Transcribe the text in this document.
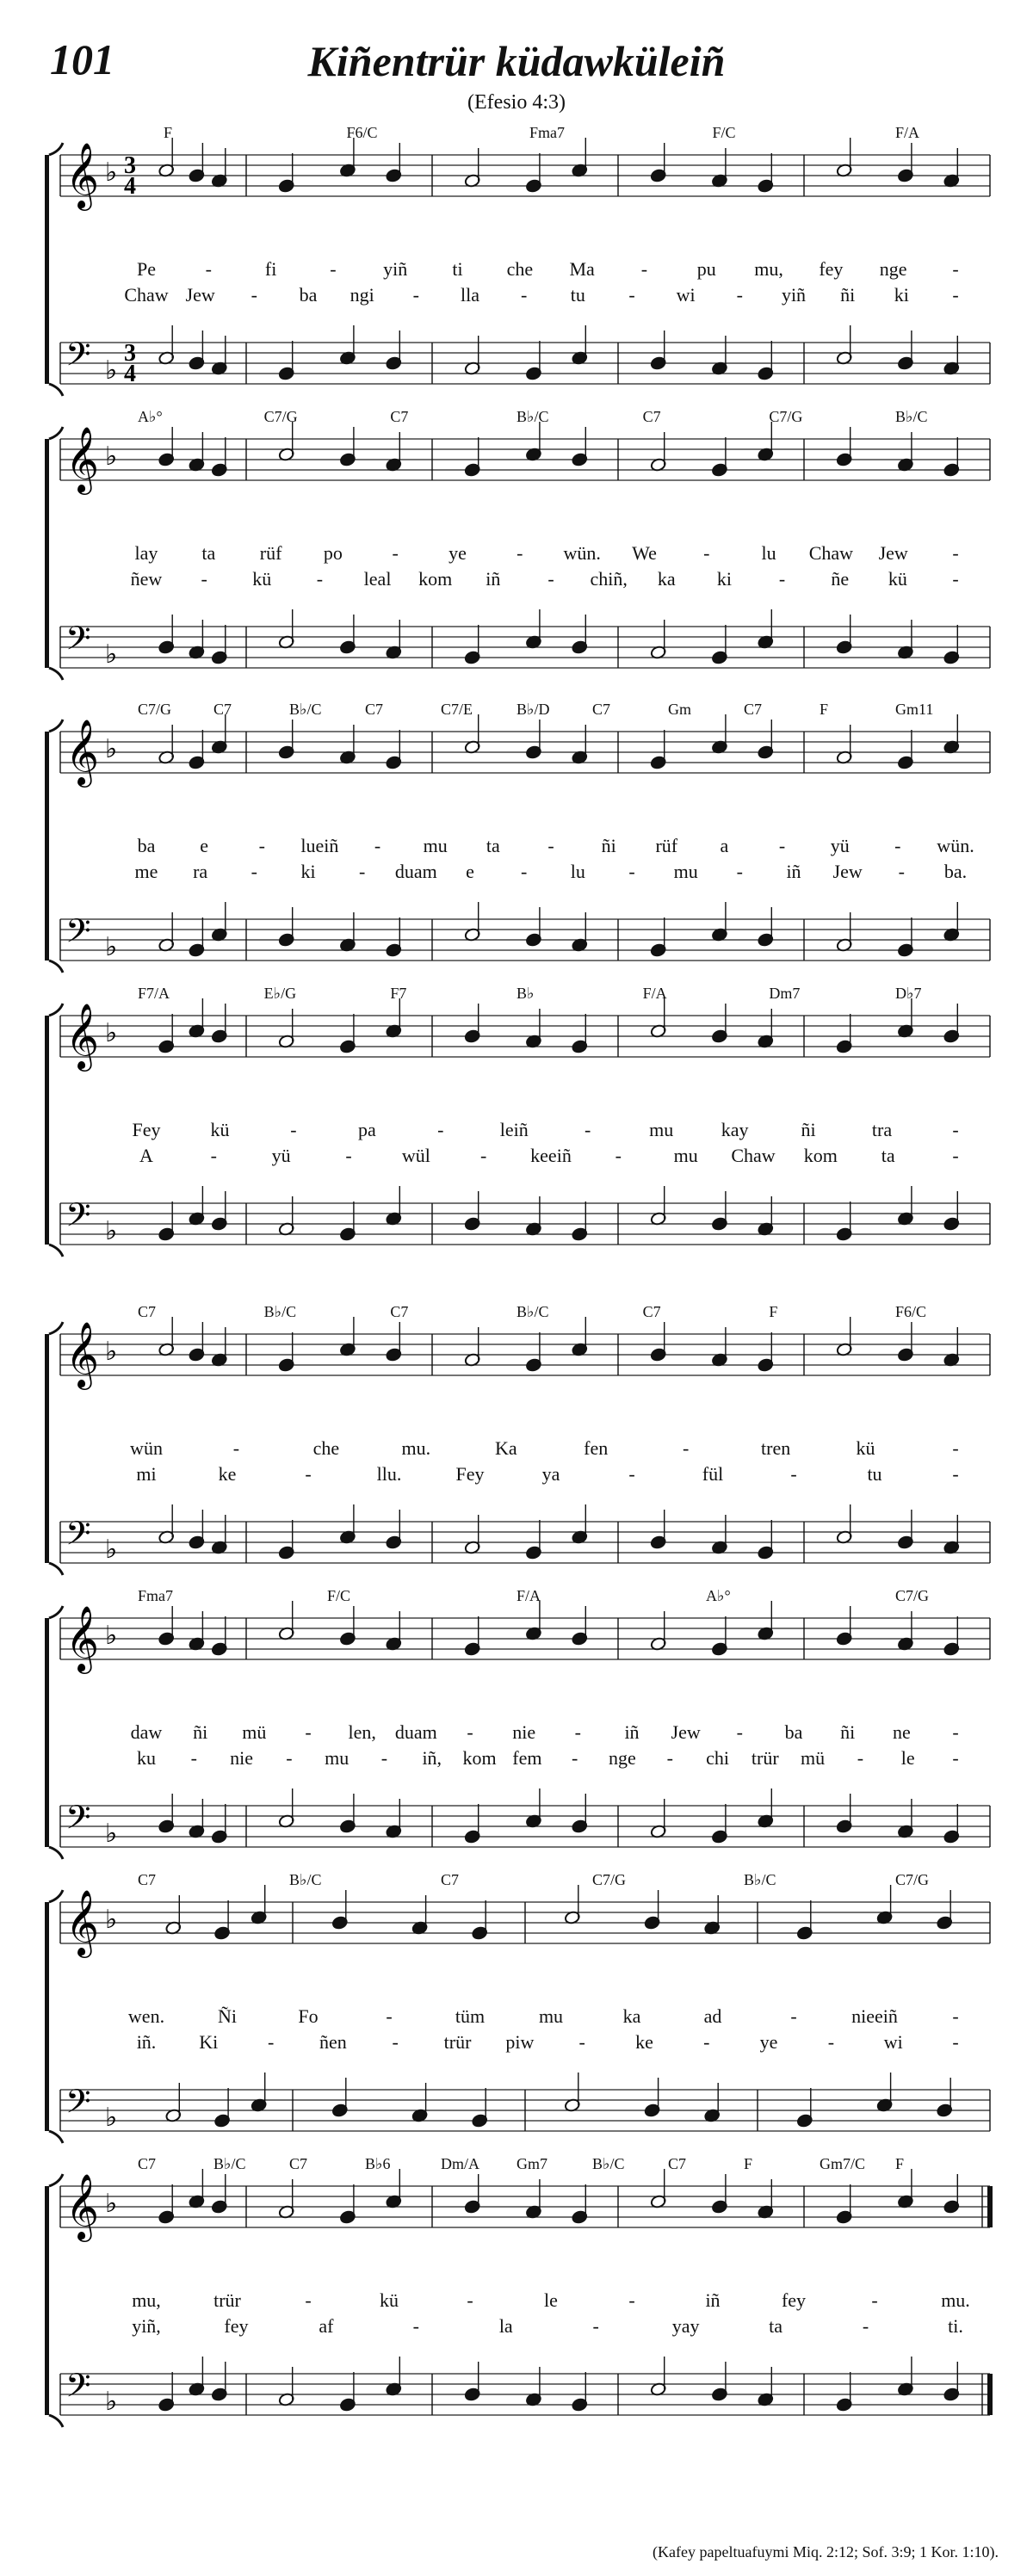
101	Kiñentrür küdawküleiñ
(Efesio 4:3)
𝄞 ♭ 3
4
𝄢 ♭
3
4
F	F6/C	Fma7	F/C	F/A
Pe	-	fi	- yiñ ti che Ma -	pu mu, fey nge -
Chaw Jew - ba ngi - lla - tu - wi - yiñ ñi ki -
𝄞 ♭
𝄢 ♭
A♭°	C7/G	C7	B♭/C	C7	C7/G	B♭/C
lay ta rüf po	-	ye	- wün. We -	lu Chaw Jew -
ñew - kü - leal kom iñ - chiñ, ka ki - ñe kü -
𝄞 ♭
𝄢 ♭
C7/G	C7	B♭/C	C7	C7/E	B♭/D	C7	Gm	C7	F	Gm11
ba e	- lueiñ - mu ta	- ñi rüf a	- yü - wün.
me ra - ki - duam e - lu - mu - iñ Jew - ba.
𝄞 ♭
𝄢 ♭
F7/A	E♭/G	F7	B♭	F/A	Dm7	D♭7
Fey	kü	-	pa	-	leiñ	-	mu	kay	ñi	tra	-
A	-	yü	-	wül	- keeiñ -	mu Chaw kom ta	-
𝄞 ♭
𝄢 ♭
C7	B♭/C	C7	B♭/C	C7	F	F6/C
wün	-	che	mu.	Ka	fen	-	tren	kü	-
mi	ke	-	llu.	Fey	ya	-	fül	-	tu	-
𝄞 ♭
𝄢 ♭
Fma7	F/C	F/A	A♭°	C7/G
daw ñi mü - len, duam - nie - iñ Jew - ba ñi ne -
ku - nie - mu - iñ, kom fem - nge - chi trür mü - le -
𝄞 ♭
𝄢 ♭
C7	B♭/C	C7	C7/G	B♭/C	C7/G
wen.	Ñi	Fo	-	tüm	mu	ka	ad	-	nieeiñ	-
iñ. Ki	- ñen - trür piw -	ke	-	ye	-	wi	-
𝄞 ♭
𝄢 ♭
C7	B♭/C	C7	B♭6	Dm/A Gm7	B♭/C	C7	F	Gm7/C F
mu,	trür	-	kü	-	le	-	iñ	fey	-	mu.
yiñ,	fey	af	-	la	-	yay	ta	-	ti.
(Kafey papeltuafuymi Miq. 2:12; Sof. 3:9; 1 Kor. 1:10).
